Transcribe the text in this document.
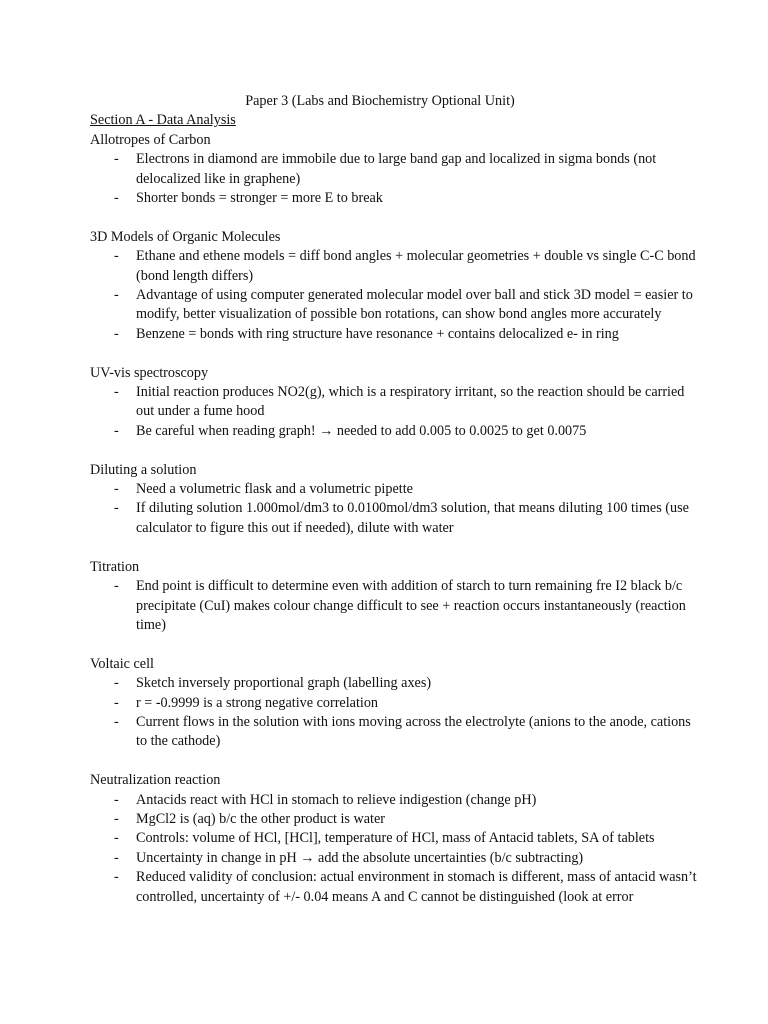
Paper 3 (Labs and Biochemistry Optional Unit)
Section A - Data Analysis
Allotropes of Carbon
- Electrons in diamond are immobile due to large band gap and localized in sigma bonds (not delocalized like in graphene)
- Shorter bonds = stronger = more E to break
3D Models of Organic Molecules
- Ethane and ethene models = diff bond angles + molecular geometries + double vs single C-C bond (bond length differs)
- Advantage of using computer generated molecular model over ball and stick 3D model = easier to modify, better visualization of possible bon rotations, can show bond angles more accurately
- Benzene = bonds with ring structure have resonance + contains delocalized e- in ring
UV-vis spectroscopy
- Initial reaction produces NO2(g), which is a respiratory irritant, so the reaction should be carried out under a fume hood
- Be careful when reading graph! → needed to add 0.005 to 0.0025 to get 0.0075
Diluting a solution
- Need a volumetric flask and a volumetric pipette
- If diluting solution 1.000mol/dm3 to 0.0100mol/dm3 solution, that means diluting 100 times (use calculator to figure this out if needed), dilute with water
Titration
- End point is difficult to determine even with addition of starch to turn remaining fre I2 black b/c precipitate (CuI) makes colour change difficult to see + reaction occurs instantaneously (reaction time)
Voltaic cell
- Sketch inversely proportional graph (labelling axes)
- r = -0.9999 is a strong negative correlation
- Current flows in the solution with ions moving across the electrolyte (anions to the anode, cations to the cathode)
Neutralization reaction
- Antacids react with HCl in stomach to relieve indigestion (change pH)
- MgCl2 is (aq) b/c the other product is water
- Controls: volume of HCl, [HCl], temperature of HCl, mass of Antacid tablets, SA of tablets
- Uncertainty in change in pH → add the absolute uncertainties (b/c subtracting)
- Reduced validity of conclusion: actual environment in stomach is different, mass of antacid wasn’t controlled, uncertainty of +/- 0.04 means A and C cannot be distinguished (look at error
